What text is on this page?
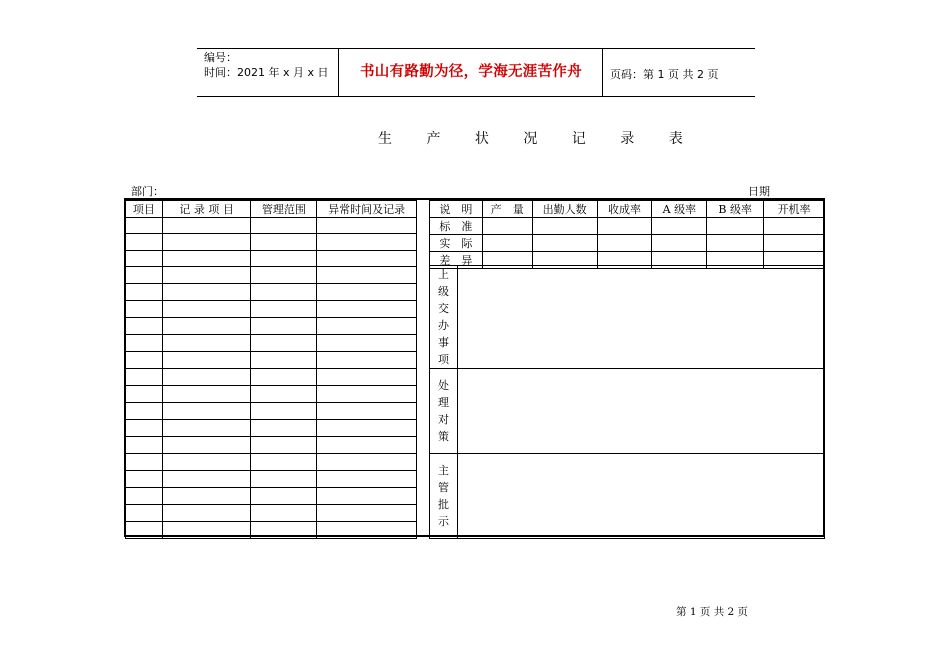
编号：
时间：2021 年 x 月 x 日	书山有路勤为径，学海无涯苦作舟	页码：第 1 页 共 2 页
生 产 状 况 记 录 表
部门：	日期
项目	记 录 项 目	管理范围	异常时间及记录

				说　明	产　量	出勤人数	收成率	A 级率	B 级率	开机率
标　准						
实　际						
差　异						
上级交办事项	

处理对策	

主管批示	

第 1 页 共 2 页
